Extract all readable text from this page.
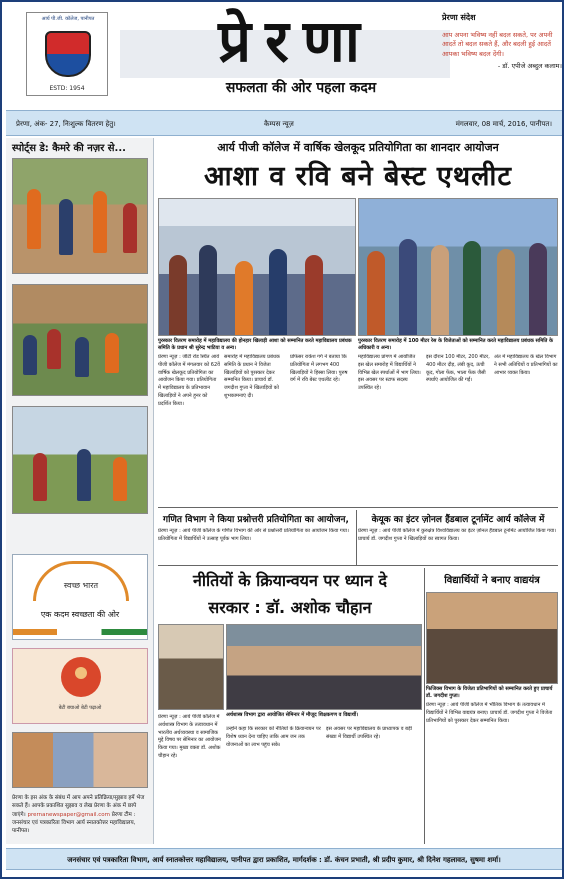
आर्य पी.जी. कॉलेज, पानीपत
ESTD: 1954
प्रेरणा
सफलता की ओर पहला कदम
प्रेरणा संदेश
आप अपना भविष्य नहीं बदल सकते, पर अपनी आदतें तो बदल सकते हैं, और बदली हुई आदतें आपका भविष्य बदल देंगी।
- डॉ. एपीजे अब्दुल कलाम।
प्रेरणा, अंक- 27, निःशुल्क वितरण हेतु।	कैम्पस न्यूज़	मंगलवार, 08 मार्च, 2016, पानीपत।
स्पोर्ट्स डे: कैमरे की नज़र से...
स्वच्छ भारत
एक कदम स्वच्छता की ओर
बेटी बचाओ बेटी पढ़ाओ
प्रेरणा के इस अंक के संबंध में आप अपने प्रतिक्रिया/सुझाव हमें भेज सकते हैं। आपके प्रकाशित सुझाव व लेख प्रेरणा के अंक में छापे जाएंगे। prernanewspaper@gmail.com प्रेरणा टीम : जनसंचार एवं पत्रकारिता विभाग आर्य स्नातकोत्तर महाविद्यालय, पानीपत।
आर्य पीजी कॉलेज में वार्षिक खेलकूद प्रतियोगिता का शानदार आयोजन
आशा व रवि बने बेस्ट एथलीट
पुरस्कार वितरण समारोह में महाविद्यालय की होनहार खिलाड़ी आशा को सम्मानित करते महाविद्यालय प्रबंधक समिति के प्रधान श्री सुरेन्द्र भाटिया व अन्य।
पुरस्कार वितरण समारोह में 100 मीटर रेस के विजेताओं को सम्मानित करते महाविद्यालय प्रबंधक समिति के अधिकारी व अन्य।
प्रेरणा न्यूज़ : जीटी रोड स्थित आर्य पीजी कॉलेज में मंगलवार को 62वें वार्षिक खेलकूद प्रतियोगिता का आयोजन किया गया। प्रतियोगिता में महाविद्यालय के प्रतिभावान खिलाड़ियों ने अपने हुनर को प्रदर्शित किया।
समारोह में महाविद्यालय प्रबंधक समिति के प्रधान ने विजेता खिलाड़ियों को पुरस्कार देकर सम्मानित किया। प्राचार्य डॉ. जगदीश गुप्ता ने खिलाड़ियों को शुभकामनाएं दी।
प्रोफेसर राकेश गर्ग ने बताया कि प्रतियोगिता में लगभग 400 खिलाड़ियों ने हिस्सा लिया। पुरुष वर्ग में रवि बेस्ट एथलीट रहे।
महाविद्यालय प्रांगण में आयोजित इस खेल समारोह में विद्यार्थियों ने विभिन्न खेल स्पर्धाओं में भाग लिया। इस अवसर पर स्टाफ सदस्य उपस्थित रहे।
इस दौरान 100 मीटर, 200 मीटर, 400 मीटर दौड़, लंबी कूद, ऊंची कूद, गोला फेंक, भाला फेंक जैसी स्पर्धाएं आयोजित की गईं।
अंत में महाविद्यालय के खेल विभाग ने सभी अतिथियों व प्रतिभागियों का आभार व्यक्त किया।
गणित विभाग ने किया प्रश्नोत्तरी प्रतियोगिता का आयोजन,
प्रेरणा न्यूज़ : आर्य पीजी कॉलेज के गणित विभाग की ओर से प्रश्नोत्तरी प्रतियोगिता का आयोजन किया गया। प्रतियोगिता में विद्यार्थियों ने उत्साह पूर्वक भाग लिया।
केयूक का इंटर ज़ोनल हैंडबाल टूर्नामेंट आर्य कॉलेज में
प्रेरणा न्यूज़ : आर्य पीजी कॉलेज में कुरुक्षेत्र विश्वविद्यालय का इंटर ज़ोनल हैंडबाल टूर्नामेंट आयोजित किया गया। प्राचार्य डॉ. जगदीश गुप्ता ने खिलाड़ियों का स्वागत किया।
नीतियों के क्रियान्वयन पर ध्यान दे
सरकार : डॉ. अशोक चौहान
अर्थशास्त्र विभाग द्वारा आयोजित सेमिनार में मौजूद शिक्षकगण व विद्यार्थी।
प्रेरणा न्यूज़ : आर्य पीजी कॉलेज में अर्थशास्त्र विभाग के तत्वावधान में भारतीय अर्थव्यवस्था व सामाजिक मुद्दे विषय पर सेमिनार का आयोजन किया गया। मुख्य वक्ता डॉ. अशोक चौहान रहे।
उन्होंने कहा कि सरकार को नीतियों के क्रियान्वयन पर विशेष ध्यान देना चाहिए ताकि आम जन तक योजनाओं का लाभ पहुंच सके।
इस अवसर पर महाविद्यालय के प्राध्यापक व बड़ी संख्या में विद्यार्थी उपस्थित रहे।
विद्यार्थियों ने बनाए वाद्ययंत्र
फिजिक्स विभाग के विजेता प्रतिभागियों को सम्मानित करते हुए प्राचार्य डॉ. जगदीश गुप्ता।
प्रेरणा न्यूज़ : आर्य पीजी कॉलेज में भौतिक विभाग के तत्वावधान में विद्यार्थियों ने विभिन्न वाद्ययंत्र बनाए। प्राचार्य डॉ. जगदीश गुप्ता ने विजेता प्रतिभागियों को पुरस्कार देकर सम्मानित किया।
जनसंचार एवं पत्रकारिता विभाग, आर्य स्नातकोत्तर महाविद्यालय, पानीपत द्वारा प्रकाशित, मार्गदर्शक : डॉ. कंचन प्रभाती, श्री प्रदीप कुमार, श्री दिनेश गहलावत, सुषमा शर्मा।
